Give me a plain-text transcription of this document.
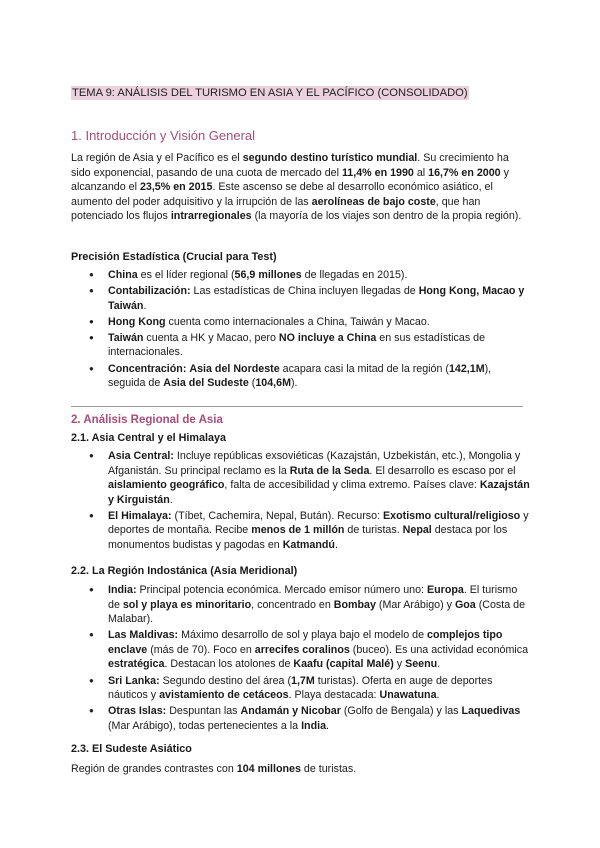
TEMA 9: ANÁLISIS DEL TURISMO EN ASIA Y EL PACÍFICO (CONSOLIDADO)
1. Introducción y Visión General

La región de Asia y el Pacífico es el segundo destino turístico mundial. Su crecimiento ha sido exponencial, pasando de una cuota de mercado del 11,4% en 1990 al 16,7% en 2000 y alcanzando el 23,5% en 2015. Este ascenso se debe al desarrollo económico asiático, el aumento del poder adquisitivo y la irrupción de las aerolíneas de bajo coste, que han potenciado los flujos intrarregionales (la mayoría de los viajes son dentro de la propia región).

Precisión Estadística (Crucial para Test)
● China es el líder regional (56,9 millones de llegadas en 2015).
● Contabilización: Las estadísticas de China incluyen llegadas de Hong Kong, Macao y Taiwán.
● Hong Kong cuenta como internacionales a China, Taiwán y Macao.
● Taiwán cuenta a HK y Macao, pero NO incluye a China en sus estadísticas de internacionales.
● Concentración: Asia del Nordeste acapara casi la mitad de la región (142,1M), seguida de Asia del Sudeste (104,6M).
2. Análisis Regional de Asia
2.1. Asia Central y el Himalaya
● Asia Central: Incluye repúblicas exsoviéticas (Kazajstán, Uzbekistán, etc.), Mongolia y Afganistán. Su principal reclamo es la Ruta de la Seda. El desarrollo es escaso por el aislamiento geográfico, falta de accesibilidad y clima extremo. Países clave: Kazajstán y Kirguistán.
● El Himalaya: (Tíbet, Cachemira, Nepal, Bután). Recurso: Exotismo cultural/religioso y deportes de montaña. Recibe menos de 1 millón de turistas. Nepal destaca por los monumentos budistas y pagodas en Katmandú.
2.2. La Región Indostánica (Asia Meridional)
● India: Principal potencia económica. Mercado emisor número uno: Europa. El turismo de sol y playa es minoritario, concentrado en Bombay (Mar Arábigo) y Goa (Costa de Malabar).
● Las Maldivas: Máximo desarrollo de sol y playa bajo el modelo de complejos tipo enclave (más de 70). Foco en arrecifes coralinos (buceo). Es una actividad económica estratégica. Destacan los atolones de Kaafu (capital Malé) y Seenu.
● Sri Lanka: Segundo destino del área (1,7M turistas). Oferta en auge de deportes náuticos y avistamiento de cetáceos. Playa destacada: Unawatuna.
● Otras Islas: Despuntan las Andamán y Nicobar (Golfo de Bengala) y las Laquedivas (Mar Arábigo), todas pertenecientes a la India.
2.3. El Sudeste Asiático

Región de grandes contrastes con 104 millones de turistas.
